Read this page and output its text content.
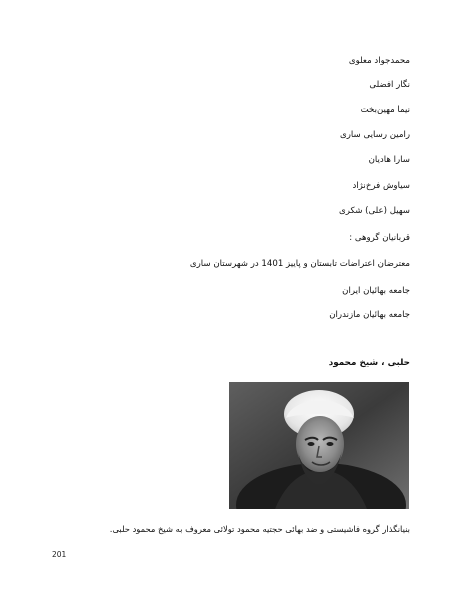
محمدجواد معلوی
نگار افضلی
نیما مهین‌بخت
رامین رسایی ساری
سارا هادیان
سیاوش فرخ‌نژاد
سهیل (علی) شکری
قربانیان گروهی :
معترضان اعتراضات تابستان و پاییز 1401 در شهرستان ساری
جامعه بهائیان ایران
جامعه بهائیان مازندران
حلبی ، شیخ محمود
بنیانگذار گروه فاشیستی و ضد بهائی حجتیه محمود تولائی معروف به شیخ محمود حلبی.
201
